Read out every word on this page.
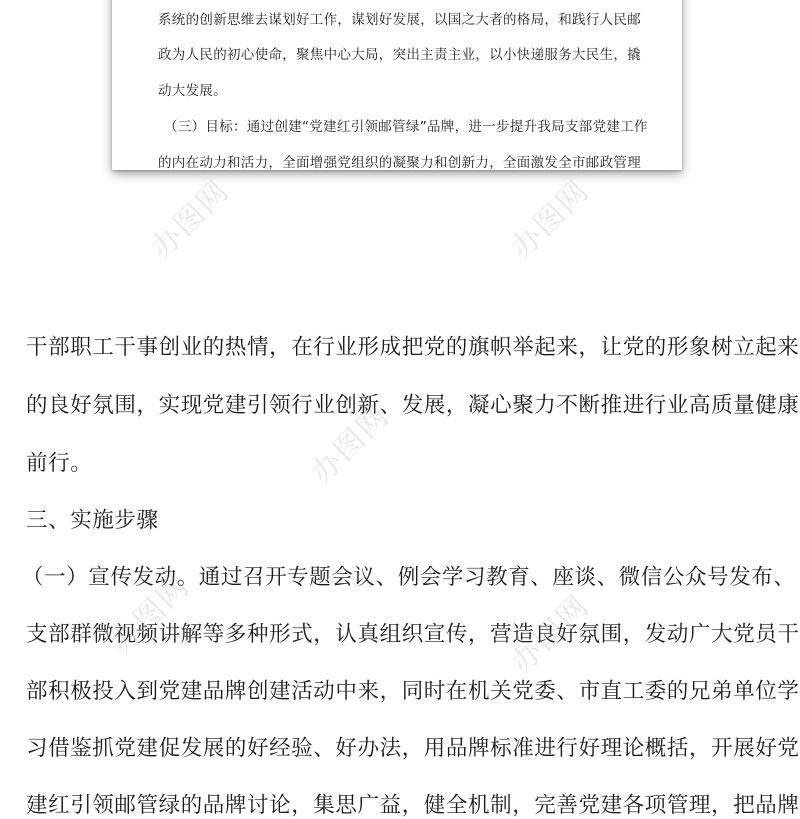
系统的创新思维去谋划好工作，谋划好发展，以国之大者的格局，和践行人民邮
政为人民的初心使命，聚焦中心大局，突出主责主业，以小快递服务大民生，撬
动大发展。
（三）目标：通过创建“党建红引领邮管绿”品牌，进一步提升我局支部党建工作
的内在动力和活力，全面增强党组织的凝聚力和创新力，全面激发全市邮政管理
干部职工干事创业的热情，在行业形成把党的旗帜举起来，让党的形象树立起来
的良好氛围，实现党建引领行业创新、发展，凝心聚力不断推进行业高质量健康
前行。
三、实施步骤
（一）宣传发动。通过召开专题会议、例会学习教育、座谈、微信公众号发布、
支部群微视频讲解等多种形式，认真组织宣传，营造良好氛围，发动广大党员干
部积极投入到党建品牌创建活动中来，同时在机关党委、市直工委的兄弟单位学
习借鉴抓党建促发展的好经验、好办法，用品牌标准进行好理论概括，开展好党
建红引领邮管绿的品牌讨论，集思广益，健全机制，完善党建各项管理，把品牌
办图网	办图网
办图网
办图网	办图网
